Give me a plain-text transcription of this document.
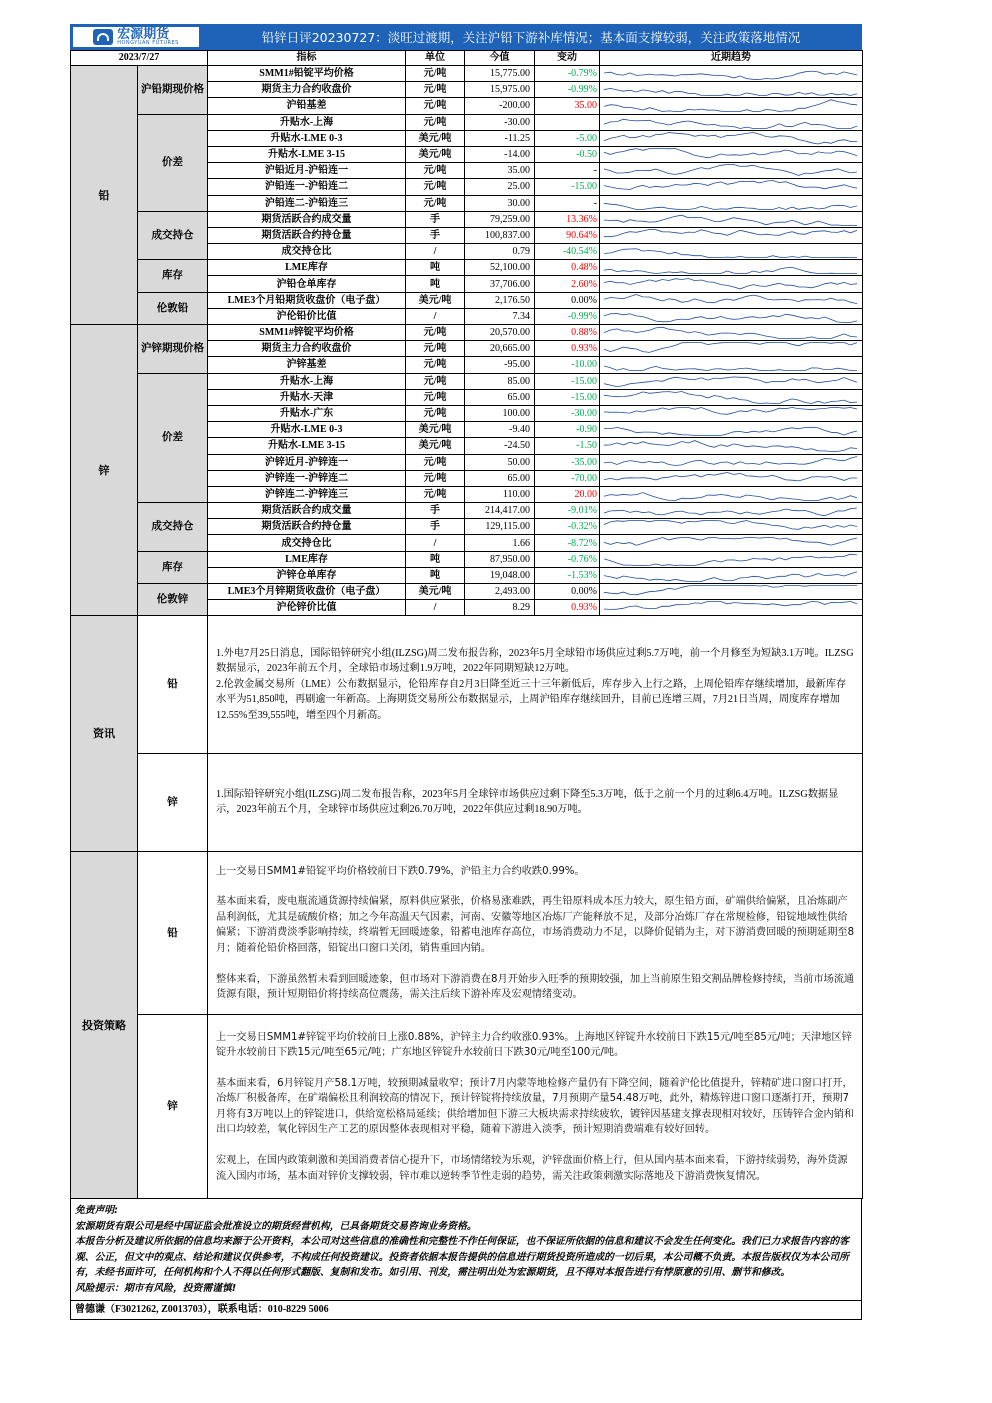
宏源期货
HONGYUAN FUTURES	铅锌日评20230727：淡旺过渡期，关注沪铅下游补库情况；基本面支撑较弱，关注政策落地情况
2023/7/27		指标	单位	今值	变动	近期趋势
铅	沪铅期现价格	SMM1#铅锭平均价格	元/吨	15,775.00	-0.79%	

		期货主力合约收盘价	元/吨	15,975.00	-0.99%	

		沪铅基差	元/吨	-200.00	35.00	

	价差	升贴水-上海	元/吨	-30.00		

		升贴水-LME 0-3	美元/吨	-11.25	-5.00	

		升贴水-LME 3-15	美元/吨	-14.00	-0.50	

		沪铅近月-沪铅连一	元/吨	35.00	-	

		沪铅连一-沪铅连二	元/吨	25.00	-15.00	

		沪铅连二-沪铅连三	元/吨	30.00	-	

	成交持仓	期货活跃合约成交量	手	79,259.00	13.36%	

		期货活跃合约持仓量	手	100,837.00	90.64%	

		成交持仓比	/	0.79	-40.54%	

	库存	LME库存	吨	52,100.00	0.48%	

		沪铅仓单库存	吨	37,706.00	2.60%	

	伦敦铅	LME3个月铅期货收盘价（电子盘）	美元/吨	2,176.50	0.00%	

		沪伦铅价比值	/	7.34	-0.99%	

锌	沪锌期现价格	SMM1#锌锭平均价格	元/吨	20,570.00	0.88%	

		期货主力合约收盘价	元/吨	20,665.00	0.93%	

		沪锌基差	元/吨	-95.00	-10.00	

	价差	升贴水-上海	元/吨	85.00	-15.00	

		升贴水-天津	元/吨	65.00	-15.00	

		升贴水-广东	元/吨	100.00	-30.00	

		升贴水-LME 0-3	美元/吨	-9.40	-0.90	

		升贴水-LME 3-15	美元/吨	-24.50	-1.50	

		沪锌近月-沪锌连一	元/吨	50.00	-35.00	

		沪锌连一-沪锌连二	元/吨	65.00	-70.00	

		沪锌连二-沪锌连三	元/吨	110.00	20.00	

	成交持仓	期货活跃合约成交量	手	214,417.00	-9.01%	

		期货活跃合约持仓量	手	129,115.00	-0.32%	

		成交持仓比	/	1.66	-8.72%	

	库存	LME库存	吨	87,950.00	-0.76%	

		沪锌仓单库存	吨	19,048.00	-1.53%	

	伦敦锌	LME3个月锌期货收盘价（电子盘）	美元/吨	2,493.00	0.00%	

		沪伦锌价比值	/	8.29	0.93%	
资讯	铅	1.外电7月25日消息，国际铅锌研究小组(ILZSG)周二发布报告称，2023年5月全球铅市场供应过剩5.7万吨，前一个月修至为短缺3.1万吨。ILZSG数据显示，2023年前五个月，全球铅市场过剩1.9万吨，2022年同期短缺12万吨。
2.伦敦金属交易所（LME）公布数据显示，伦铅库存自2月3日降至近三十三年新低后，库存步入上行之路，上周伦铅库存继续增加，最新库存水平为51,850吨，再刷逾一年新高。上海期货交易所公布数据显示，上周沪铅库存继续回升，目前已连增三周，7月21日当周，周度库存增加12.55%至39,555吨，增至四个月新高。
	锌	1.国际铅锌研究小组(ILZSG)周二发布报告称，2023年5月全球锌市场供应过剩下降至5.3万吨，低于之前一个月的过剩6.4万吨。ILZSG数据显示，2023年前五个月，全球锌市场供应过剩26.70万吨，2022年供应过剩18.90万吨。
投资策略	铅	上一交易日SMM1#铅锭平均价格较前日下跌0.79%，沪铅主力合约收跌0.99%。

基本面来看，废电瓶流通货源持续偏紧，原料供应紧张，价格易涨难跌，再生铅原料成本压力较大，原生铅方面，矿端供给偏紧，且冶炼副产品利润低，尤其是硫酸价格；加之今年高温天气因素，河南、安徽等地区冶炼厂产能释放不足，及部分冶炼厂存在常规检修，铅锭地域性供给偏紧；下游消费淡季影响持续，终端暂无回暖迹象，铅蓄电池库存高位，市场消费动力不足，以降价促销为主，对下游消费回暖的预期延期至8月；随着伦铅价格回落，铅锭出口窗口关闭，销售重回内销。

整体来看，下游虽然暂未看到回暖迹象，但市场对下游消费在8月开始步入旺季的预期较强，加上当前原生铅交割品牌检修持续，当前市场流通货源有限，预计短期铅价将持续高位震荡，需关注后续下游补库及宏观情绪变动。

	锌	上一交易日SMM1#锌锭平均价较前日上涨0.88%，沪锌主力合约收涨0.93%。上海地区锌锭升水较前日下跌15元/吨至85元/吨；天津地区锌锭升水较前日下跌15元/吨至65元/吨；广东地区锌锭升水较前日下跌30元/吨至100元/吨。

基本面来看，6月锌锭月产58.1万吨，较预期减量收窄；预计7月内蒙等地检修产量仍有下降空间，随着沪伦比值提升，锌精矿进口窗口打开，冶炼厂积极备库，在矿端偏松且利润较高的情况下，预计锌锭将持续放量，7月预期产量54.48万吨，此外，精炼锌进口窗口逐渐打开，预期7月将有3万吨以上的锌锭进口，供给宽松格局延续；供给增加但下游三大板块需求持续疲软，镀锌因基建支撑表现相对较好，压铸锌合金内销和出口均较差，氧化锌因生产工艺的原因整体表现相对平稳，随着下游进入淡季，预计短期消费端难有较好回转。

宏观上，在国内政策刺激和美国消费者信心提升下，市场情绪较为乐观，沪锌盘面价格上行，但从国内基本面来看，下游持续弱势，海外货源流入国内市场，基本面对锌价支撑较弱，锌市难以逆转季节性走弱的趋势，需关注政策刺激实际落地及下游消费恢复情况。

免责声明:

宏源期货有限公司是经中国证监会批准设立的期货经营机构，已具备期货交易咨询业务资格。

本报告分析及建议所依据的信息均来源于公开资料，本公司对这些信息的准确性和完整性不作任何保证，也不保证所依据的信息和建议不会发生任何变化。我们已力求报告内容的客观、公正，但文中的观点、结论和建议仅供参考，不构成任何投资建议。投资者依据本报告提供的信息进行期货投资所造成的一切后果，本公司概不负责。本报告版权仅为本公司所有，未经书面许可，任何机构和个人不得以任何形式翻版、复制和发布。如引用、刊发，需注明出处为宏源期货，且不得对本报告进行有悖原意的引用、删节和修改。

风险提示：期市有风险，投资需谨慎!

曾德谦（F3021262, Z0013703），联系电话：010-8229 5006
